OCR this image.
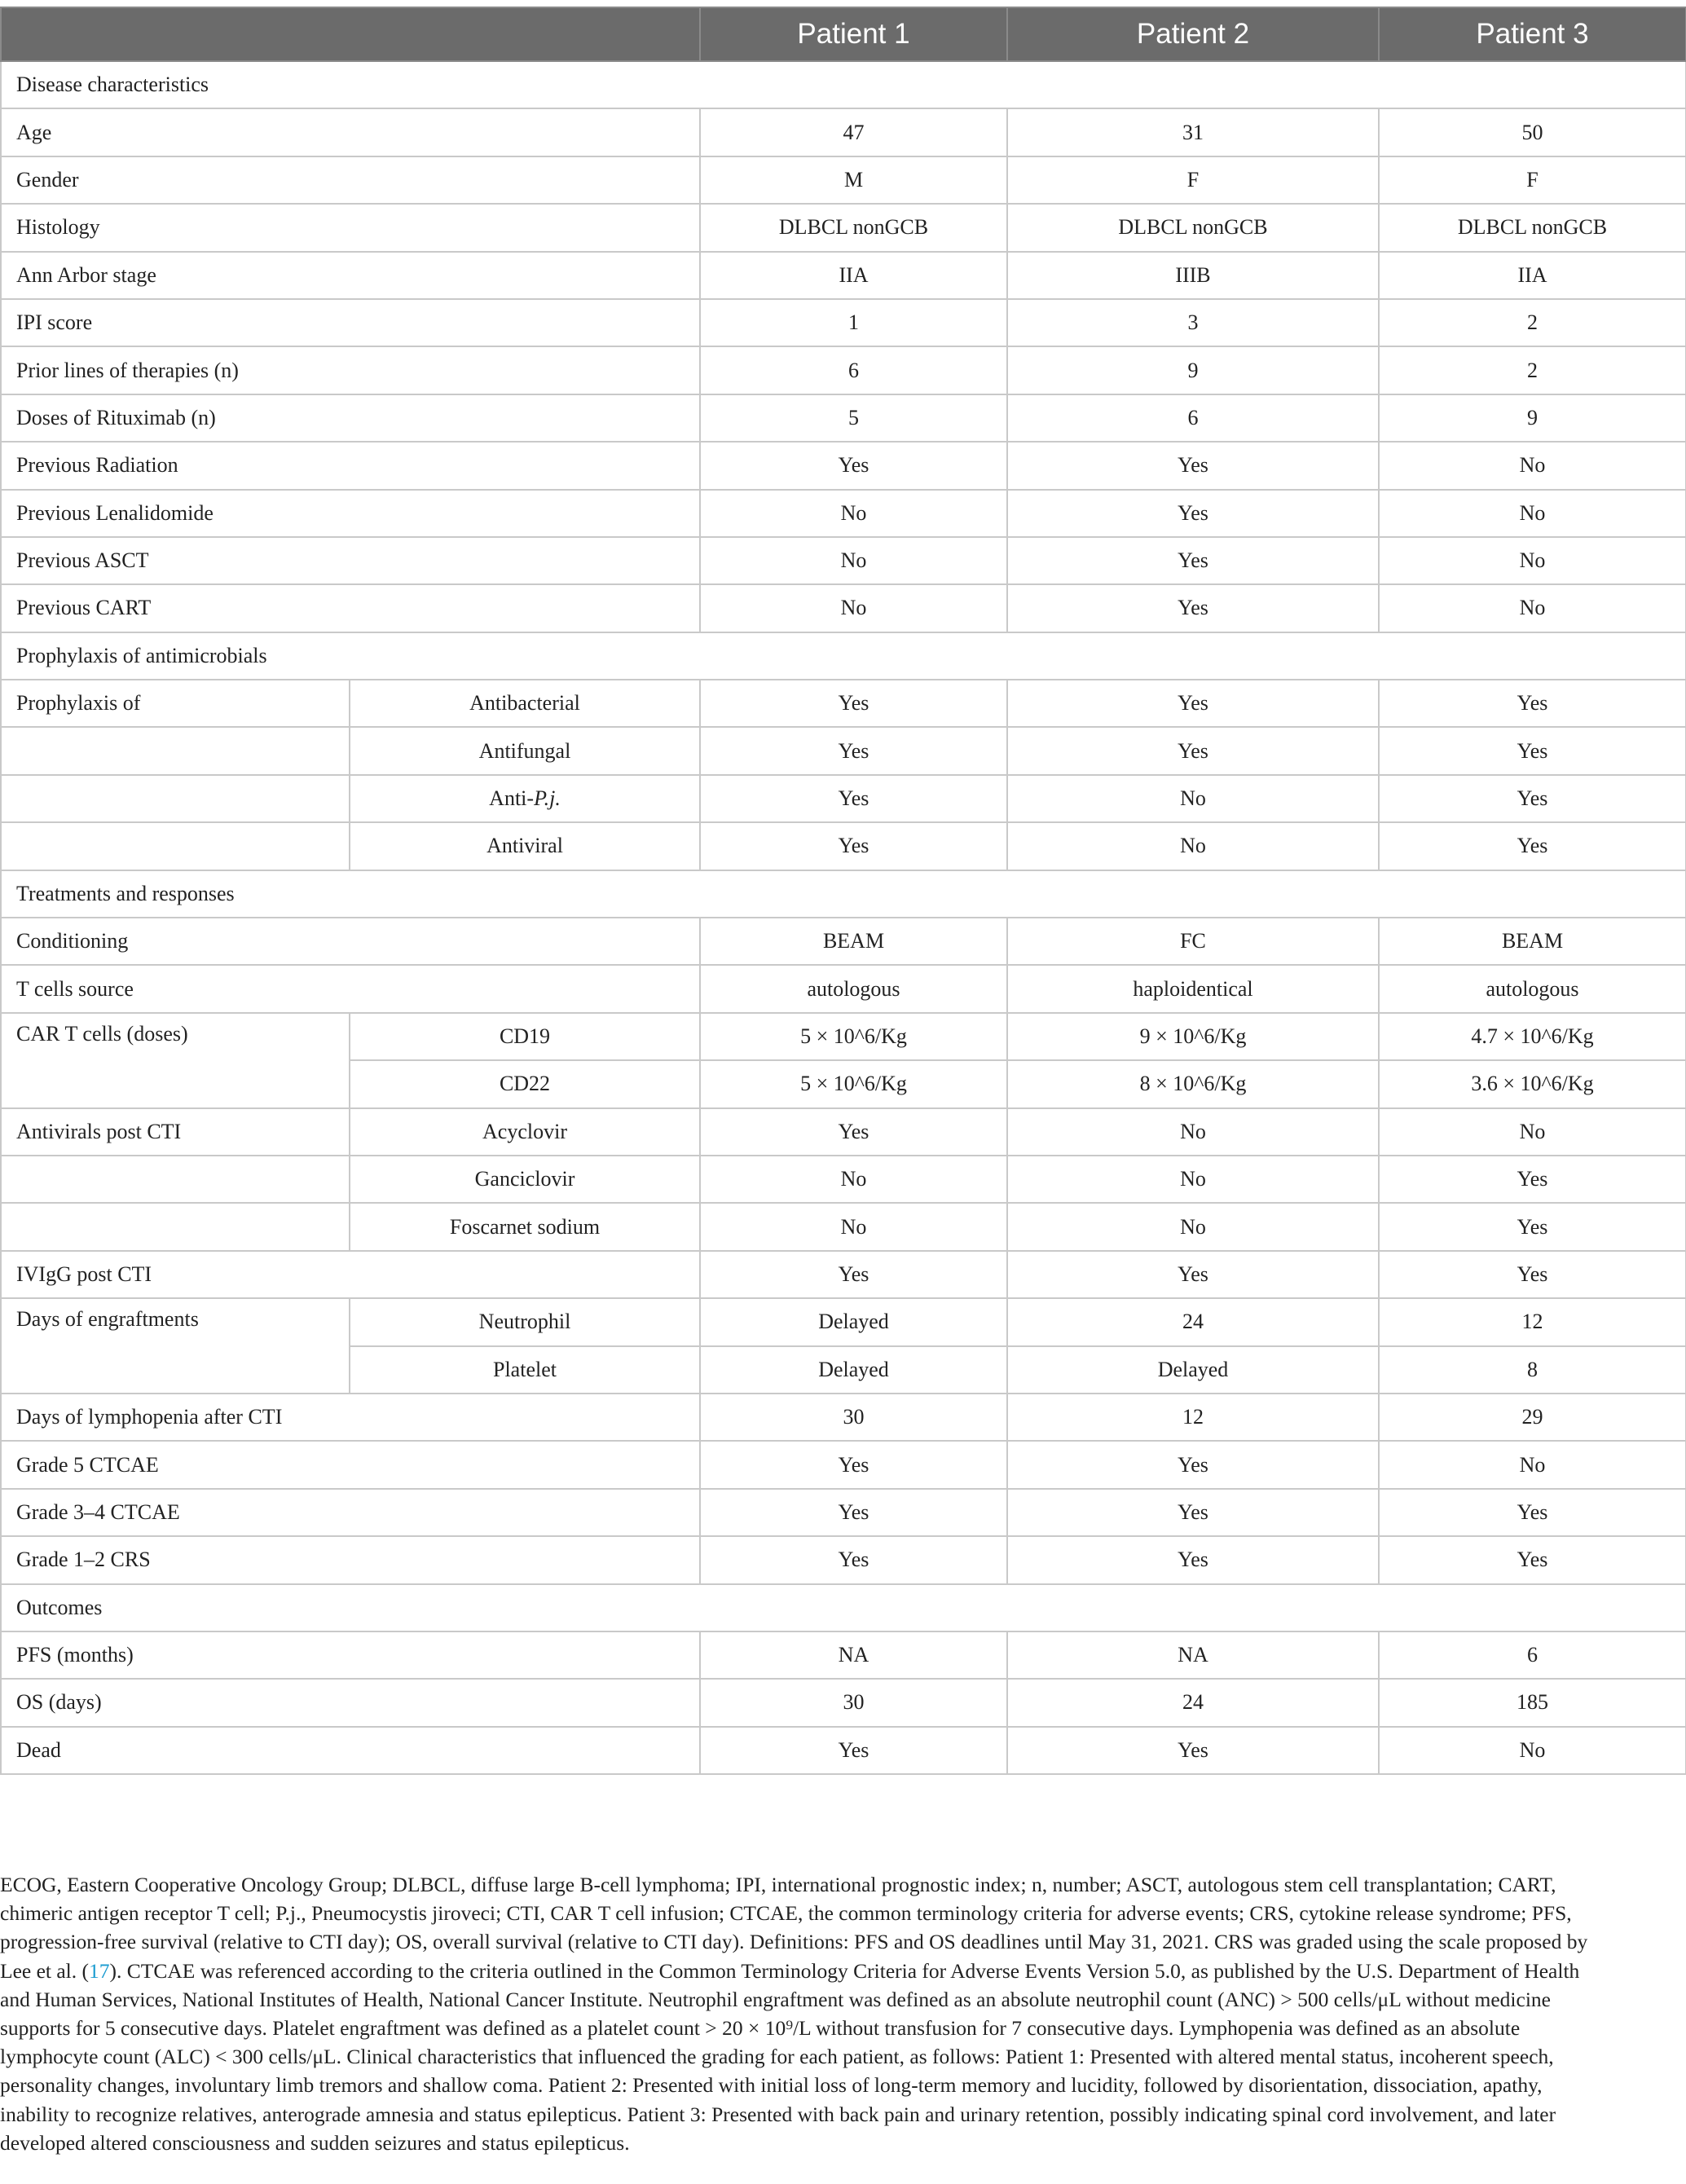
		Patient 1	Patient 2	Patient 3
Disease characteristics				
Age		47	31	50
Gender		M	F	F
Histology		DLBCL nonGCB	DLBCL nonGCB	DLBCL nonGCB
Ann Arbor stage		IIA	IIIB	IIA
IPI score		1	3	2
Prior lines of therapies (n)		6	9	2
Doses of Rituximab (n)		5	6	9
Previous Radiation		Yes	Yes	No
Previous Lenalidomide		No	Yes	No
Previous ASCT		No	Yes	No
Previous CART		No	Yes	No
Prophylaxis of antimicrobials				
Prophylaxis of	Antibacterial	Yes	Yes	Yes
	Antifungal	Yes	Yes	Yes
	Anti-P.j.	Yes	No	Yes
	Antiviral	Yes	No	Yes
Treatments and responses				
Conditioning		BEAM	FC	BEAM
T cells source		autologous	haploidentical	autologous
CAR T cells (doses)	CD19	5 × 10^6/Kg	9 × 10^6/Kg	4.7 × 10^6/Kg
	CD22	5 × 10^6/Kg	8 × 10^6/Kg	3.6 × 10^6/Kg
Antivirals post CTI	Acyclovir	Yes	No	No
	Ganciclovir	No	No	Yes
	Foscarnet sodium	No	No	Yes
IVIgG post CTI		Yes	Yes	Yes
Days of engraftments	Neutrophil	Delayed	24	12
	Platelet	Delayed	Delayed	8
Days of lymphopenia after CTI		30	12	29
Grade 5 CTCAE		Yes	Yes	No
Grade 3–4 CTCAE		Yes	Yes	Yes
Grade 1–2 CRS		Yes	Yes	Yes
Outcomes				
PFS (months)		NA	NA	6
OS (days)		30	24	185
Dead		Yes	Yes	No
ECOG, Eastern Cooperative Oncology Group; DLBCL, diffuse large B-cell lymphoma; IPI, international prognostic index; n, number; ASCT, autologous stem cell transplantation; CART,
chimeric antigen receptor T cell; P.j., Pneumocystis jiroveci; CTI, CAR T cell infusion; CTCAE, the common terminology criteria for adverse events; CRS, cytokine release syndrome; PFS,
progression-free survival (relative to CTI day); OS, overall survival (relative to CTI day). Definitions: PFS and OS deadlines until May 31, 2021. CRS was graded using the scale proposed by
Lee et al. (17). CTCAE was referenced according to the criteria outlined in the Common Terminology Criteria for Adverse Events Version 5.0, as published by the U.S. Department of Health
and Human Services, National Institutes of Health, National Cancer Institute. Neutrophil engraftment was defined as an absolute neutrophil count (ANC) > 500 cells/μL without medicine
supports for 5 consecutive days. Platelet engraftment was defined as a platelet count > 20 × 10⁹/L without transfusion for 7 consecutive days. Lymphopenia was defined as an absolute
lymphocyte count (ALC) < 300 cells/μL. Clinical characteristics that influenced the grading for each patient, as follows: Patient 1: Presented with altered mental status, incoherent speech,
personality changes, involuntary limb tremors and shallow coma. Patient 2: Presented with initial loss of long-term memory and lucidity, followed by disorientation, dissociation, apathy,
inability to recognize relatives, anterograde amnesia and status epilepticus. Patient 3: Presented with back pain and urinary retention, possibly indicating spinal cord involvement, and later
developed altered consciousness and sudden seizures and status epilepticus.
